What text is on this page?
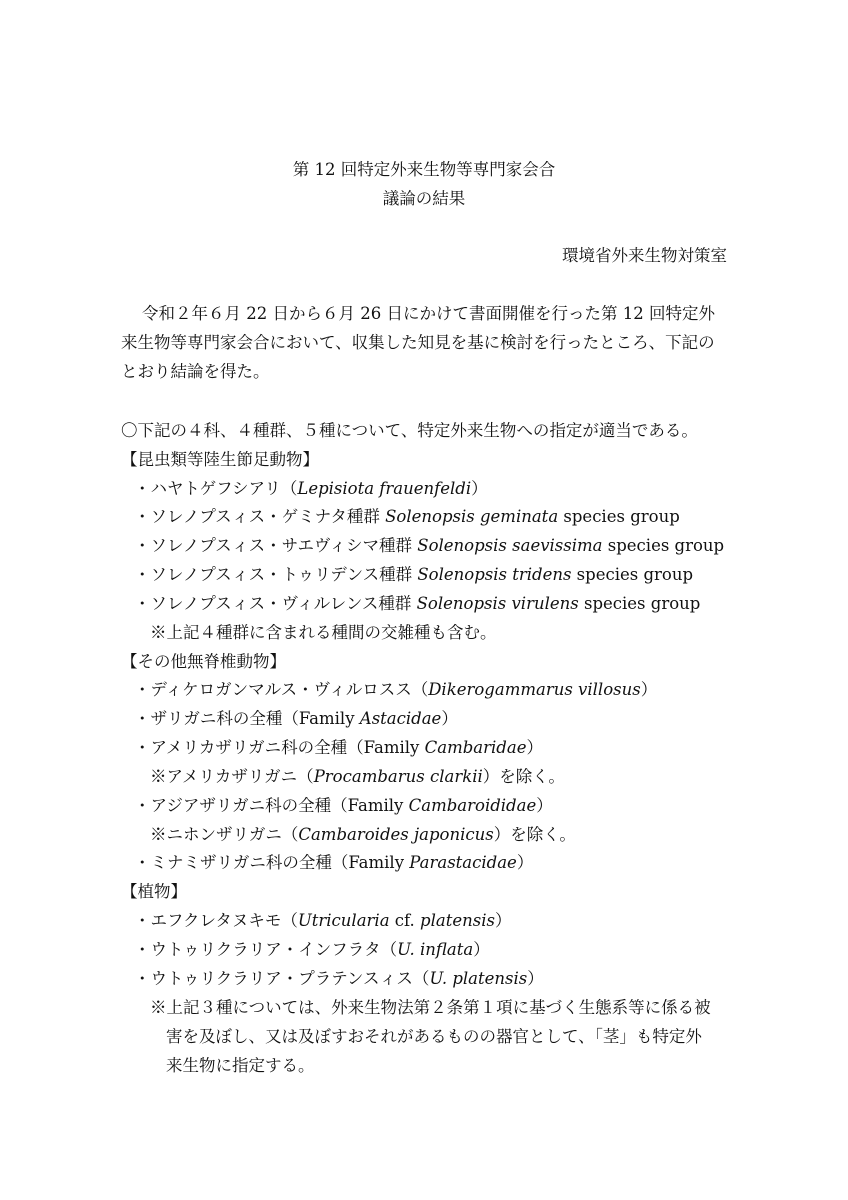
第 12 回特定外来生物等専門家会合
議論の結果
環境省外来生物対策室
令和２年６月 22 日から６月 26 日にかけて書面開催を行った第 12 回特定外
来生物等専門家会合において、収集した知見を基に検討を行ったところ、下記の
とおり結論を得た。
〇下記の４科、４種群、５種について、特定外来生物への指定が適当である。
【昆虫類等陸生節足動物】
・ハヤトゲフシアリ（Lepisiota frauenfeldi）
・ソレノプスィス・ゲミナタ種群 Solenopsis geminata species group
・ソレノプスィス・サエヴィシマ種群 Solenopsis saevissima species group
・ソレノプスィス・トゥリデンス種群 Solenopsis tridens species group
・ソレノプスィス・ヴィルレンス種群 Solenopsis virulens species group
※上記４種群に含まれる種間の交雑種も含む。
【その他無脊椎動物】
・ディケロガンマルス・ヴィルロスス（Dikerogammarus villosus）
・ザリガニ科の全種（Family Astacidae）
・アメリカザリガニ科の全種（Family Cambaridae）
※アメリカザリガニ（Procambarus clarkii）を除く。
・アジアザリガニ科の全種（Family Cambaroididae）
※ニホンザリガニ（Cambaroides japonicus）を除く。
・ミナミザリガニ科の全種（Family Parastacidae）
【植物】
・エフクレタヌキモ（Utricularia cf. platensis）
・ウトゥリクラリア・インフラタ（U. inflata）
・ウトゥリクラリア・プラテンスィス（U. platensis）
※上記３種については、外来生物法第２条第１項に基づく生態系等に係る被
害を及ぼし、又は及ぼすおそれがあるものの器官として、「茎」も特定外
来生物に指定する。
